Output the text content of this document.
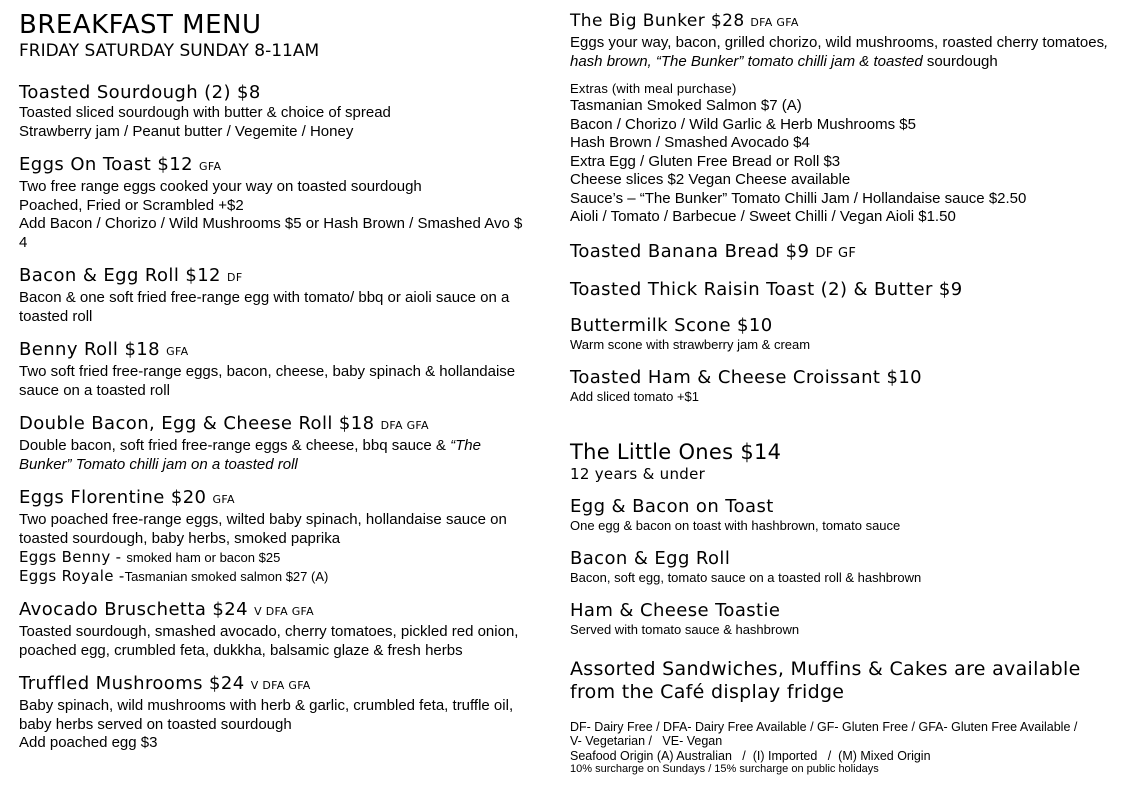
BREAKFAST MENU
FRIDAY SATURDAY SUNDAY 8-11AM
Toasted Sourdough (2) $8
Toasted sliced sourdough with butter & choice of spread
Strawberry jam / Peanut butter / Vegemite / Honey
Eggs On Toast $12 GFA
Two free range eggs cooked your way on toasted sourdough
Poached, Fried or Scrambled +$2
Add Bacon / Chorizo / Wild Mushrooms $5 or Hash Brown / Smashed Avo $ 4
Bacon & Egg Roll $12 DF
Bacon & one soft fried free-range egg with tomato/ bbq or aioli sauce on a toasted roll
Benny Roll $18 GFA
Two soft fried free-range eggs, bacon, cheese, baby spinach & hollandaise sauce on a toasted roll
Double Bacon, Egg & Cheese Roll $18 DFA GFA
Double bacon, soft fried free-range eggs & cheese, bbq sauce & “The Bunker” Tomato chilli jam on a toasted roll
Eggs Florentine $20 GFA
Two poached free-range eggs, wilted baby spinach, hollandaise sauce on toasted sourdough, baby herbs, smoked paprika
Eggs Benny - smoked ham or bacon $25
Eggs Royale -Tasmanian smoked salmon $27 (A)
Avocado Bruschetta $24 V DFA GFA
Toasted sourdough, smashed avocado, cherry tomatoes, pickled red onion, poached egg, crumbled feta, dukkha, balsamic glaze & fresh herbs
Truffled Mushrooms $24 V DFA GFA
Baby spinach, wild mushrooms with herb & garlic, crumbled feta, truffle oil, baby herbs served on toasted sourdough
Add poached egg $3
The Big Bunker $28 DFA GFA
Eggs your way, bacon, grilled chorizo, wild mushrooms, roasted cherry tomatoes, hash brown, “The Bunker” tomato chilli jam & toasted sourdough
Extras (with meal purchase)
Tasmanian Smoked Salmon $7 (A)
Bacon / Chorizo / Wild Garlic & Herb Mushrooms $5
Hash Brown / Smashed Avocado $4
Extra Egg / Gluten Free Bread or Roll $3
Cheese slices $2 Vegan Cheese available
Sauce’s – “The Bunker” Tomato Chilli Jam / Hollandaise sauce $2.50
Aioli / Tomato / Barbecue / Sweet Chilli / Vegan Aioli $1.50
Toasted Banana Bread $9 DF GF
Toasted Thick Raisin Toast (2) & Butter $9
Buttermilk Scone $10
Warm scone with strawberry jam & cream
Toasted Ham & Cheese Croissant $10
Add sliced tomato +$1
The Little Ones $14
12 years & under
Egg & Bacon on Toast
One egg & bacon on toast with hashbrown, tomato sauce
Bacon & Egg Roll
Bacon, soft egg, tomato sauce on a toasted roll & hashbrown
Ham & Cheese Toastie
Served with tomato sauce & hashbrown
Assorted Sandwiches, Muffins & Cakes are available from the Café display fridge
DF- Dairy Free / DFA- Dairy Free Available / GF- Gluten Free / GFA- Gluten Free Available /
V- Vegetarian /   VE- Vegan
Seafood Origin (A) Australian   /  (I) Imported   /  (M) Mixed Origin
10% surcharge on Sundays / 15% surcharge on public holidays
